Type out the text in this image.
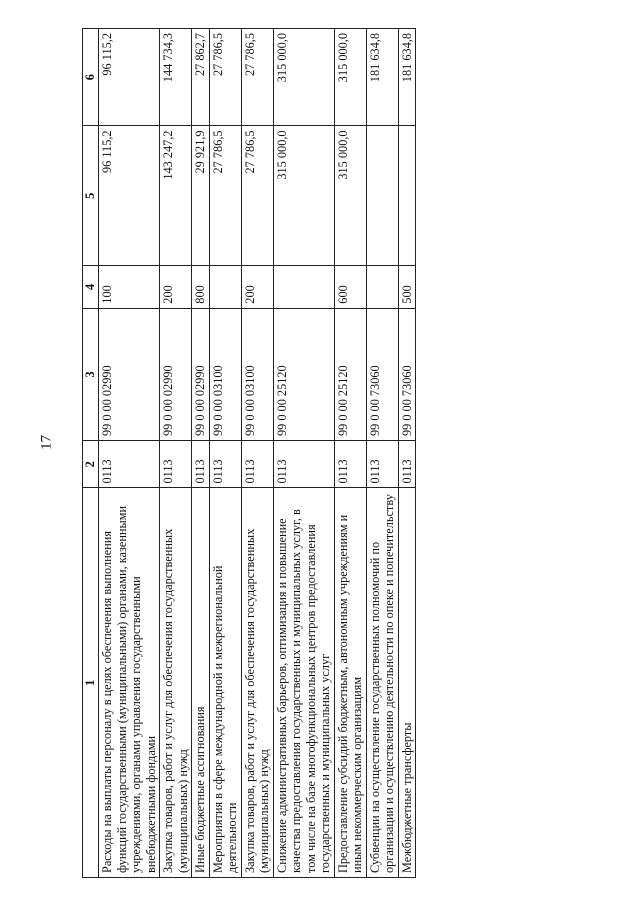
17
1	2	3	4	5	6
Расходы на выплаты персоналу в целях обеспечения выполнения функций государственными (муниципальными) органами, казенными учреждениями, органами управления государственными внебюджетными фондами	0113	99 0 00 02990	100	96 115,2	96 115,2
Закупка товаров, работ и услуг для обеспечения государственных (муниципальных) нужд	0113	99 0 00 02990	200	143 247,2	144 734,3
Иные бюджетные ассигнования	0113	99 0 00 02990	800	29 921,9	27 862,7
Мероприятия в сфере международной и межрегиональной деятельности	0113	99 0 00 03100		27 786,5	27 786,5
Закупка товаров, работ и услуг для обеспечения государственных (муниципальных) нужд	0113	99 0 00 03100	200	27 786,5	27 786,5
Снижение административных барьеров, оптимизация и повышение качества предоставления государственных и муниципальных услуг, в том числе на базе многофункциональных центров предоставления государственных и муниципальных услуг	0113	99 0 00 25120		315 000,0	315 000,0
Предоставление субсидий бюджетным, автономным учреждениям и иным некоммерческим организациям	0113	99 0 00 25120	600	315 000,0	315 000,0
Субвенции на осуществление государственных полномочий по организации и осуществлению деятельности по опеке и попечительству	0113	99 0 00 73060			181 634,8
Межбюджетные трансферты	0113	99 0 00 73060	500		181 634,8
